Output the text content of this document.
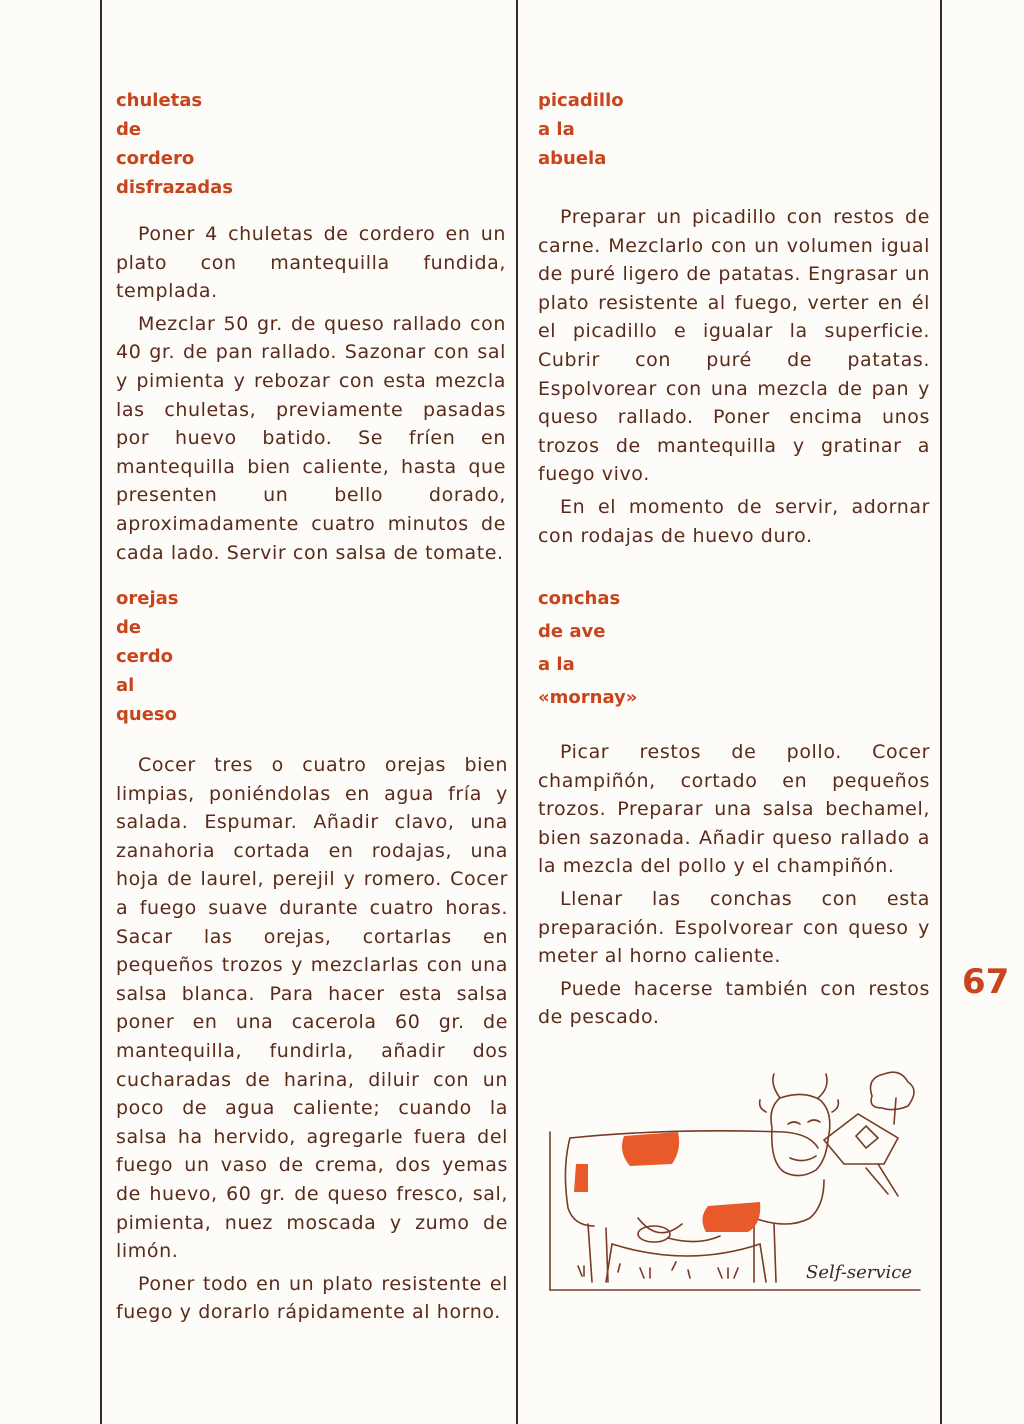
chuletas

de

cordero

disfrazadas

Poner 4 chuletas de cordero en un plato con mantequilla fundida, templada.

Mezclar 50 gr. de queso rallado con 40 gr. de pan rallado. Sazonar con sal y pimienta y rebozar con esta mezcla las chuletas, previamente pasadas por huevo batido. Se fríen en mantequilla bien caliente, hasta que presenten un bello dorado, aproximadamente cuatro minutos de cada lado. Servir con salsa de tomate.

orejas

de

cerdo

al

queso

Cocer tres o cuatro orejas bien limpias, poniéndolas en agua fría y salada. Espumar. Añadir clavo, una zanahoria cortada en rodajas, una hoja de laurel, perejil y romero. Cocer a fuego suave durante cuatro horas. Sacar las orejas, cortarlas en pequeños trozos y mezclarlas con una salsa blanca. Para hacer esta salsa poner en una cacerola 60 gr. de mantequilla, fundirla, añadir dos cucharadas de harina, diluir con un poco de agua caliente; cuando la salsa ha hervido, agregarle fuera del fuego un vaso de crema, dos yemas de huevo, 60 gr. de queso fresco, sal, pimienta, nuez moscada y zumo de limón.

Poner todo en un plato resistente el fuego y dorarlo rápidamente al horno.

picadillo

a la

abuela

Preparar un picadillo con restos de carne. Mezclarlo con un volumen igual de puré ligero de patatas. Engrasar un plato resistente al fuego, verter en él el picadillo e igualar la superficie. Cubrir con puré de patatas. Espolvorear con una mezcla de pan y queso rallado. Poner encima unos trozos de mantequilla y gratinar a fuego vivo.

En el momento de servir, adornar con rodajas de huevo duro.

conchas

de ave

a la

«mornay»

Picar restos de pollo. Cocer champiñón, cortado en pequeños trozos. Preparar una salsa bechamel, bien sazonada. Añadir queso rallado a la mezcla del pollo y el champiñón.

Llenar las conchas con esta preparación. Espolvorear con queso y meter al horno caliente.

Puede hacerse también con restos de pescado.

67
Self-service
